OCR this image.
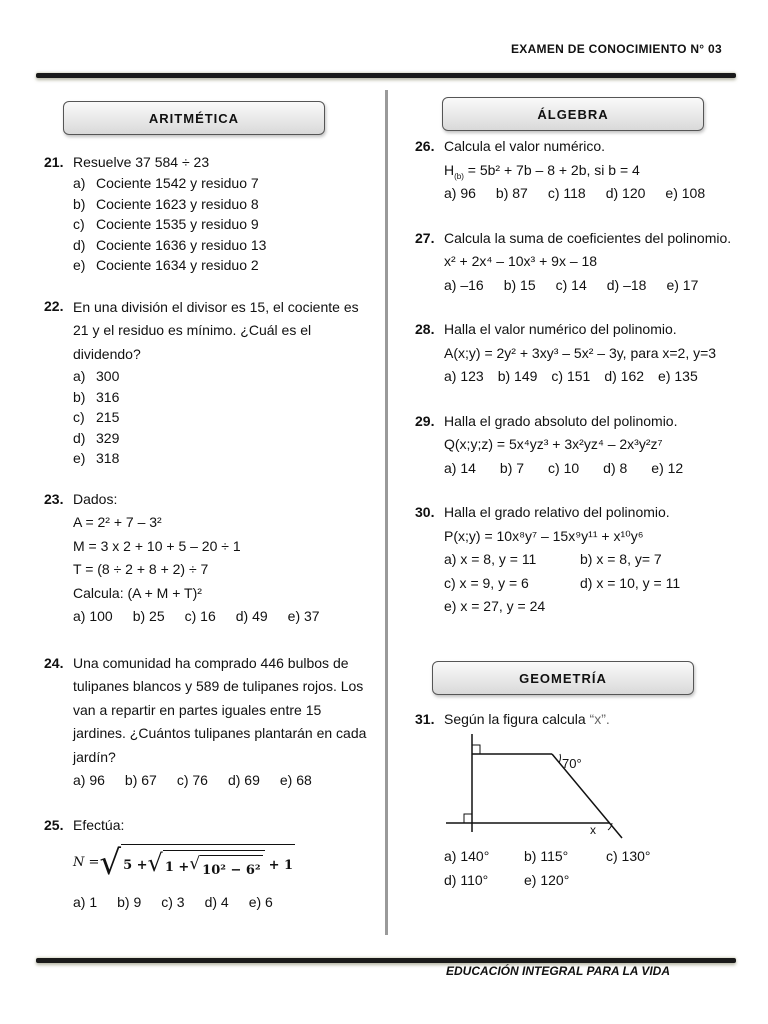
EXAMEN DE CONOCIMIENTO N° 03
ARITMÉTICA	ÁLGEBRA
GEOMETRÍA
21. Resuelve 37 584 ÷ 23

a) Cociente 1542 y residuo 7
b) Cociente 1623 y residuo 8
c) Cociente 1535 y residuo 9
d) Cociente 1636 y residuo 13
e) Cociente 1634 y residuo 2
22. En una división el divisor es 15, el cociente es 21 y el residuo es mínimo. ¿Cuál es el dividendo?

a) 300
b) 316
c) 215
d) 329
e) 318
23. Dados:

A = 2² + 7 – 3²

M = 3 x 2 + 10 + 5 – 20 ÷ 1

T = (8 ÷ 2 + 8 + 2) ÷ 7

Calcula: (A + M + T)²

a) 100 b) 25 c) 16 d) 49 e) 37
24. Una comunidad ha comprado 446 bulbos de tulipanes blancos y 589 de tulipanes rojos. Los van a repartir en partes iguales entre 15 jardines. ¿Cuántos tulipanes plantarán en cada jardín?

a) 96 b) 67 c) 76 d) 69 e) 68
25. Efectúa:

N = √ 5 + √ 1 + √ 10² − 6² + 1
a) 1 b) 9 c) 3 d) 4 e) 6
26. Calcula el valor numérico.

$H_{(b)} = 5b^2 + 7b - 8 + 2b$, si b = 4

a) 96 b) 87 c) 118 d) 120 e) 108
27. Calcula la suma de coeficientes del polinomio.

x² + 2x⁴ – 10x³ + 9x – 18

a) –16 b) 15 c) 14 d) –18 e) 17
28. Halla el valor numérico del polinomio.

A(x;y) = 2y² + 3xy³ – 5x² – 3y, para x=2, y=3

a) 123 b) 149 c) 151 d) 162 e) 135
29. Halla el grado absoluto del polinomio.

Q(x;y;z) = 5x⁴yz³ + 3x²yz⁴ – 2x³y²z⁷

a) 14 b) 7 c) 10 d) 8 e) 12
30. Halla el grado relativo del polinomio.

P(x;y) = 10x⁸y⁷ – 15x⁹y¹¹ + x¹⁰y⁶

a) x = 8, y = 11	b) x = 8, y= 7
c) x = 9, y = 6	d) x = 10, y = 11
e) x = 27, y = 24
31. Según la figura calcula “x”.

70°
x
a) 140°	b) 115°	c) 130°
d) 110°	e) 120°
EDUCACIÓN INTEGRAL PARA LA VIDA
